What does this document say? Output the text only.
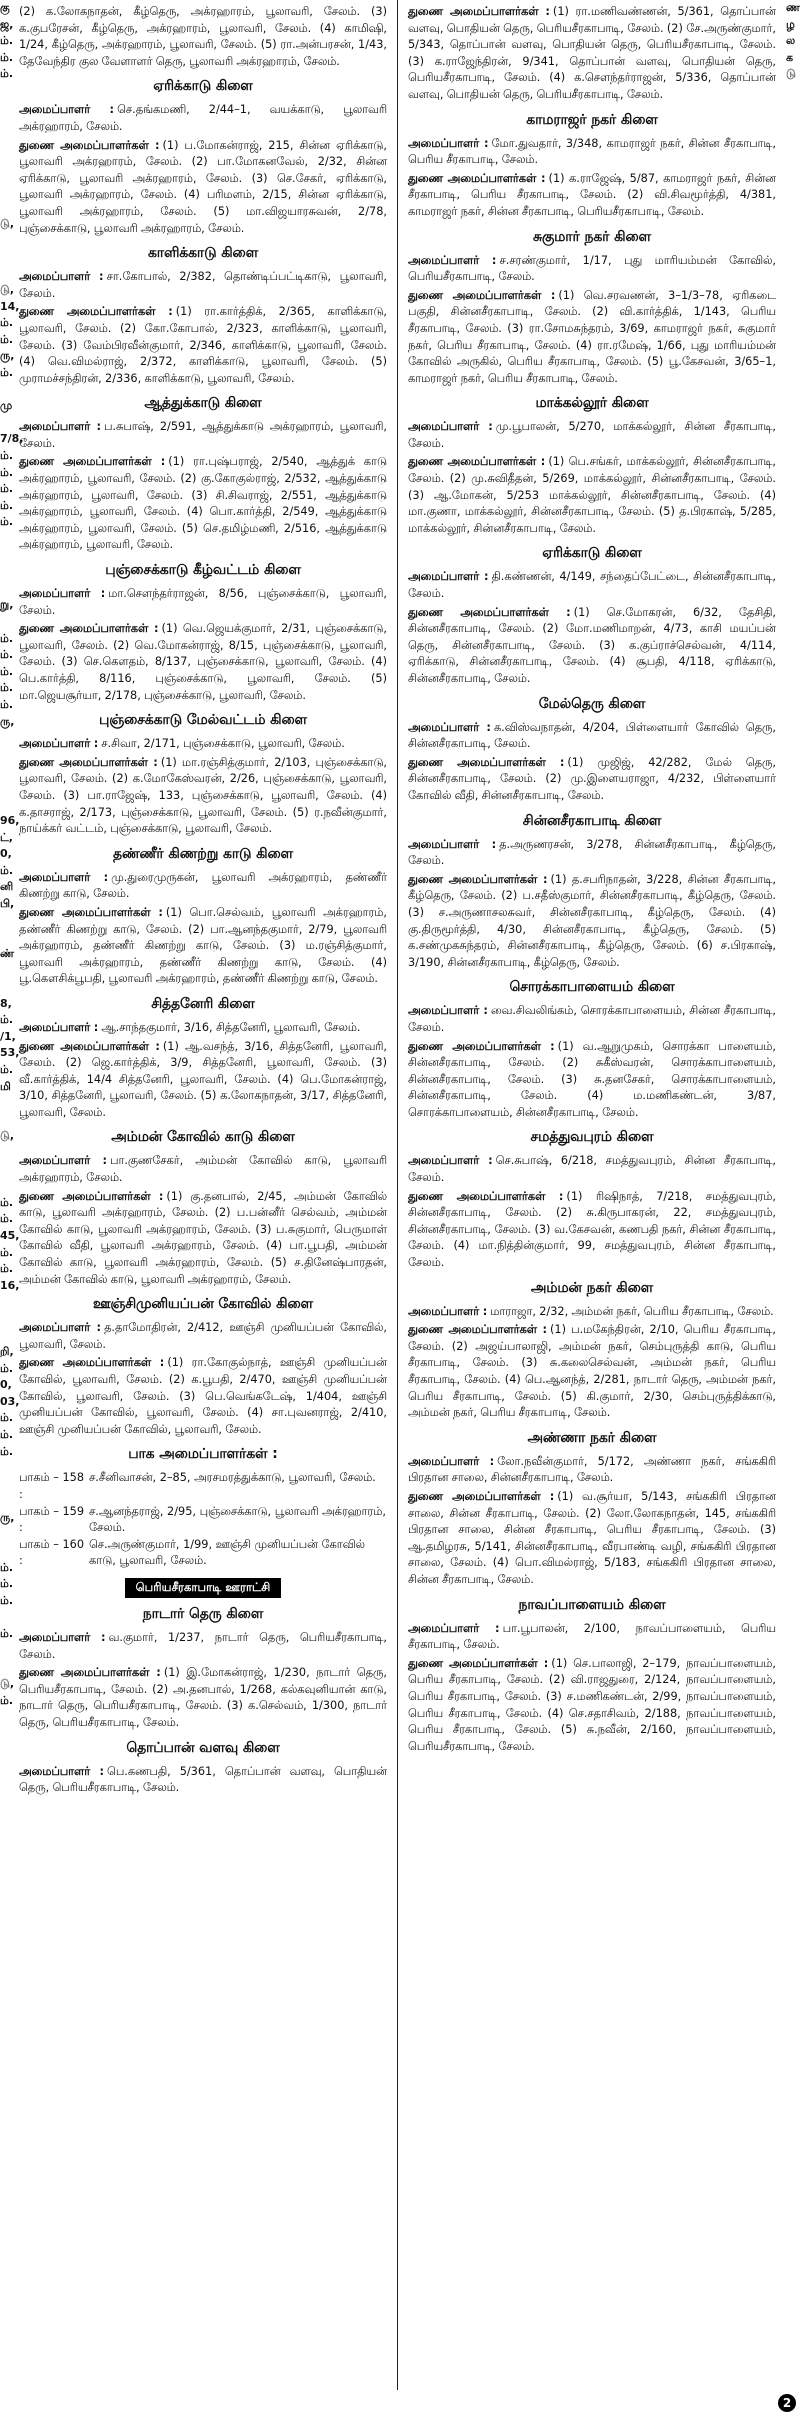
கு
ஜ,
ம்.
ம்.
ம்.
டு,
டு,
14,
ம்.
ம்.
ரு,
ம்.
மு
7/8,
ம்.
ம்.
ம்.
ம்.
ம்.
று,
ம்.
ம்.
ம்.
ம்.
ம்.
ரு,
96,
ட்,
0,
ம்.
னி
பி,
ண்
8,
ம்.
/1,
53,
ம்.
மி
டு,
ம்.
ம்.
45,
ம்.
ம்.
16,
றி,
ம்.
0,
03,
ம்.
ம்.
ம்.
ரு,
ம்.
ம்.
ம்.
ம்.
டு,
ம்.

(2) க.லோகநாதன், கீழ்தெரு, அக்ரஹாரம், பூலாவரி, சேலம். (3) க.குபரேசன், கீழ்தெரு, அக்ரஹாரம், பூலாவரி, சேலம். (4) காமிஷி, 1/24, கீழ்தெரு, அக்ரஹாரம், பூலாவரி, சேலம். (5) ரா.அன்பரசன், 1/43, தேவேந்திர குல வேளாளர் தெரு, பூலாவரி அக்ரஹாரம், சேலம்.

ஏரிக்காடு கிளை

அமைப்பாளர் : செ.தங்கமணி, 2/44–1, வயக்காடு, பூலாவரி அக்ரஹாரம், சேலம்.

துணை அமைப்பாளர்கள் : (1) ப.மோகன்ராஜ், 215, சின்ன ஏரிக்காடு, பூலாவரி அக்ரஹாரம், சேலம். (2) பா.மோகனவேல், 2/32, சின்ன ஏரிக்காடு, பூலாவரி அக்ரஹாரம், சேலம். (3) செ.சேகர், ஏரிக்காடு, பூலாவரி அக்ரஹாரம், சேலம். (4) பரிமளம், 2/15, சின்ன ஏரிக்காடு, பூலாவரி அக்ரஹாரம், சேலம். (5) மா.விஜயாரசுவன், 2/78, புஞ்சைக்காடு, பூலாவரி அக்ரஹாரம், சேலம்.

காளிக்காடு கிளை

அமைப்பாளர் : சா.கோபால், 2/382, தொண்டிப்பட்டிகாடு, பூலாவரி, சேலம்.

துணை அமைப்பாளர்கள் : (1) ரா.கார்த்திக், 2/365, காளிக்காடு, பூலாவரி, சேலம். (2) கோ.கோபால், 2/323, காளிக்காடு, பூலாவரி, சேலம். (3) வேம்பிரவீன்குமார், 2/346, காளிக்காடு, பூலாவரி, சேலம். (4) வெ.விமல்ராஜ், 2/372, காளிக்காடு, பூலாவரி, சேலம். (5) முராமச்சந்திரன், 2/336, காளிக்காடு, பூலாவரி, சேலம்.

ஆத்துக்காடு கிளை

அமைப்பாளர் : ப.சுபாஷ், 2/591, ஆத்துக்காடு அக்ரஹாரம், பூலாவரி, சேலம்.

துணை அமைப்பாளர்கள் : (1) ரா.புஷ்பராஜ், 2/540, ஆத்துக் காடு அக்ரஹாரம், பூலாவரி, சேலம். (2) கு.கோகுல்ராஜ், 2/532, ஆத்துக்காடு அக்ரஹாரம், பூலாவரி, சேலம். (3) சி.சிவராஜ், 2/551, ஆத்துக்காடு அக்ரஹாரம், பூலாவரி, சேலம். (4) பொ.கார்த்தி, 2/549, ஆத்துக்காடு அக்ரஹாரம், பூலாவரி, சேலம். (5) செ.தமிழ்மணி, 2/516, ஆத்துக்காடு அக்ரஹாரம், பூலாவரி, சேலம்.

புஞ்சைக்காடு கீழ்வட்டம் கிளை

அமைப்பாளர் : மா.சௌந்தர்ராஜன், 8/56, புஞ்சைக்காடு, பூலாவரி, சேலம்.

துணை அமைப்பாளர்கள் : (1) வெ.ஜெயக்குமார், 2/31, புஞ்சைக்காடு, பூலாவரி, சேலம். (2) வெ.மோகன்ராஜ், 8/15, புஞ்சைக்காடு, பூலாவரி, சேலம். (3) செ.கௌதம், 8/137, புஞ்சைக்காடு, பூலாவரி, சேலம். (4) பெ.கார்த்தி, 8/116, புஞ்சைக்காடு, பூலாவரி, சேலம். (5) மா.ஜெயசூர்யா, 2/178, புஞ்சைக்காடு, பூலாவரி, சேலம்.

புஞ்சைக்காடு மேல்வட்டம் கிளை

அமைப்பாளர் : ச.சிவா, 2/171, புஞ்சைக்காடு, பூலாவரி, சேலம்.

துணை அமைப்பாளர்கள் : (1) மா.ரஞ்சித்குமார், 2/103, புஞ்சைக்காடு, பூலாவரி, சேலம். (2) க.மோகேஸ்வரன், 2/26, புஞ்சைக்காடு, பூலாவரி, சேலம். (3) பா.ராஜேஷ், 133, புஞ்சைக்காடு, பூலாவரி, சேலம். (4) க.தாசராஜ், 2/173, புஞ்சைக்காடு, பூலாவரி, சேலம். (5) ர.நவீன்குமார், நாய்க்கர் வட்டம், புஞ்சைக்காடு, பூலாவரி, சேலம்.

தண்ணீர் கிணற்று காடு கிளை

அமைப்பாளர் : மு.துரைமுருகன், பூலாவரி அக்ரஹாரம், தண்ணீர் கிணற்று காடு, சேலம்.

துணை அமைப்பாளர்கள் : (1) பொ.செல்வம், பூலாவரி அக்ரஹாரம், தண்ணீர் கிணற்று காடு, சேலம். (2) பா.ஆனந்தகுமார், 2/79, பூலாவரி அக்ரஹாரம், தண்ணீர் கிணற்று காடு, சேலம். (3) ம.ரஞ்சித்குமார், பூலாவரி அக்ரஹாரம், தண்ணீர் கிணற்று காடு, சேலம். (4) பூ.கௌசிக்பூபதி, பூலாவரி அக்ரஹாரம், தண்ணீர் கிணற்று காடு, சேலம்.

சித்தனேரி கிளை

அமைப்பாளர் : ஆ.சாந்தகுமார், 3/16, சித்தனேரி, பூலாவரி, சேலம்.

துணை அமைப்பாளர்கள் : (1) ஆ.வசந்த், 3/16, சித்தனேரி, பூலாவரி, சேலம். (2) ஜெ.கார்த்திக், 3/9, சித்தனேரி, பூலாவரி, சேலம். (3) வீ.கார்த்திக், 14/4 சித்தனேரி, பூலாவரி, சேலம். (4) பெ.மோகன்ராஜ், 3/10, சித்தனேரி, பூலாவரி, சேலம். (5) க.லோகநாதன், 3/17, சித்தனேரி, பூலாவரி, சேலம்.

அம்மன் கோவில் காடு கிளை

அமைப்பாளர் : பா.குணசேகர், அம்மன் கோவில் காடு, பூலாவரி அக்ரஹாரம், சேலம்.

துணை அமைப்பாளர்கள் : (1) கு.தனபால், 2/45, அம்மன் கோவில் காடு, பூலாவரி அக்ரஹாரம், சேலம். (2) ப.பன்னீர் செல்வம், அம்மன் கோவில் காடு, பூலாவரி அக்ரஹாரம், சேலம். (3) ப.சுகுமார், பெருமாள் கோவில் வீதி, பூலாவரி அக்ரஹாரம், சேலம். (4) பா.பூபதி, அம்மன் கோவில் காடு, பூலாவரி அக்ரஹாரம், சேலம். (5) ச.தினேஷ்பாரதன், அம்மன் கோவில் காடு, பூலாவரி அக்ரஹாரம், சேலம்.

ஊஞ்சிமுனியப்பன் கோவில் கிளை

அமைப்பாளர் : த.தாமோதிரன், 2/412, ஊஞ்சி முனியப்பன் கோவில், பூலாவரி, சேலம்.

துணை அமைப்பாளர்கள் : (1) ரா.கோகுல்நாத், ஊஞ்சி முனியப்பன் கோவில், பூலாவரி, சேலம். (2) க.பூபதி, 2/470, ஊஞ்சி முனியப்பன் கோவில், பூலாவரி, சேலம். (3) பெ.வெங்கடேஷ், 1/404, ஊஞ்சி முனியப்பன் கோவில், பூலாவரி, சேலம். (4) சா.புவனராஜ், 2/410, ஊஞ்சி முனியப்பன் கோவில், பூலாவரி, சேலம்.

பாக அமைப்பாளர்கள் :
பாகம் – 158 :
ச.சீனிவாசன், 2–85, அரசமரத்துக்காடு, பூலாவரி, சேலம்.
பாகம் – 159 :
ச.ஆனந்தராஜ், 2/95, புஞ்சைக்காடு, பூலாவரி அக்ரஹாரம், சேலம்.
பாகம் – 160 :
செ.அருண்குமார், 1/99, ஊஞ்சி முனியப்பன் கோவில் காடு, பூலாவரி, சேலம்.
பெரியசீரகாபாடி ஊராட்சி
நாடார் தெரு கிளை

அமைப்பாளர் : வ.குமார், 1/237, நாடார் தெரு, பெரியசீரகாபாடி, சேலம்.

துணை அமைப்பாளர்கள் : (1) இ.மோகன்ராஜ், 1/230, நாடார் தெரு, பெரியசீரகாபாடி, சேலம். (2) அ.தனபால், 1/268, கல்கவுனியான் காடு, நாடார் தெரு, பெரியசீரகாபாடி, சேலம். (3) க.செல்வம், 1/300, நாடார் தெரு, பெரியசீரகாபாடி, சேலம்.

தொப்பான் வளவு கிளை

அமைப்பாளர் : பெ.கணபதி, 5/361, தொப்பான் வளவு, பொதியன் தெரு, பெரியசீரகாபாடி, சேலம்.

துணை அமைப்பாளர்கள் : (1) ரா.மணிவண்ணன், 5/361, தொப்பான் வளவு, பொதியன் தெரு, பெரியசீரகாபாடி, சேலம். (2) சே.அருண்குமார், 5/343, தொப்பான் வளவு, பொதியன் தெரு, பெரியசீரகாபாடி, சேலம். (3) க.ராஜேந்திரன், 9/341, தொப்பான் வளவு, பொதியன் தெரு, பெரியசீரகாபாடி, சேலம். (4) க.சௌந்தர்ராஜன், 5/336, தொப்பான் வளவு, பொதியன் தெரு, பெரியசீரகாபாடி, சேலம்.

காமராஜர் நகர் கிளை

அமைப்பாளர் : மோ.துவதார், 3/348, காமராஜர் நகர், சின்ன சீரகாபாடி, பெரிய சீரகாபாடி, சேலம்.

துணை அமைப்பாளர்கள் : (1) க.ராஜேஷ், 5/87, காமராஜர் நகர், சின்ன சீரகாபாடி, பெரிய சீரகாபாடி, சேலம். (2) வி.சிவமூர்த்தி, 4/381, காமராஜர் நகர், சின்ன சீரகாபாடி, பெரியசீரகாபாடி, சேலம்.

சுகுமார் நகர் கிளை

அமைப்பாளர் : ச.சரண்குமார், 1/17, புது மாரியம்மன் கோவில், பெரியசீரகாபாடி, சேலம்.

துணை அமைப்பாளர்கள் : (1) வெ.சரவணன், 3–1/3–78, ஏரிகடை பகுதி, சின்னசீரகாபாடி, சேலம். (2) வி.கார்த்திக், 1/143, பெரிய சீரகாபாடி, சேலம். (3) ரா.சோமசுந்தரம், 3/69, காமராஜர் நகர், சுகுமார் நகர், பெரிய சீரகாபாடி, சேலம். (4) ரா.ரமேஷ், 1/66, புது மாரியம்மன் கோவில் அருகில், பெரிய சீரகாபாடி, சேலம். (5) பூ.கேசவன், 3/65–1, காமராஜர் நகர், பெரிய சீரகாபாடி, சேலம்.

மாக்கல்லூர் கிளை

அமைப்பாளர் : மு.பூபாலன், 5/270, மாக்கல்லூர், சின்ன சீரகாபாடி, சேலம்.

துணை அமைப்பாளர்கள் : (1) பெ.சங்கர், மாக்கல்லூர், சின்னசீரகாபாடி, சேலம். (2) மு.சுவிதீதன், 5/269, மாக்கல்லூர், சின்னசீரகாபாடி, சேலம். (3) ஆ.மோகன், 5/253 மாக்கல்லூர், சின்னசீரகாபாடி, சேலம். (4) மா.குணா, மாக்கல்லூர், சின்னசீரகாபாடி, சேலம். (5) த.பிரகாஷ், 5/285, மாக்கல்லூர், சின்னசீரகாபாடி, சேலம்.

ஏரிக்காடு கிளை

அமைப்பாளர் : தி.கண்ணன், 4/149, சந்தைப்பேட்டை, சின்னசீரகாபாடி, சேலம்.

துணை அமைப்பாளர்கள் : (1) செ.மோகரன், 6/32, தேசிதி, சின்னசீரகாபாடி, சேலம். (2) மோ.மணிமாறன், 4/73, காசி மயப்பன் தெரு, சின்னசீரகாபாடி, சேலம். (3) க.குப்ராச்செல்வன், 4/114, ஏரிக்காடு, சின்னசீரகாபாடி, சேலம். (4) சூபதி, 4/118, ஏரிக்காடு, சின்னசீரகாபாடி, சேலம்.

மேல்தெரு கிளை

அமைப்பாளர் : க.விஸ்வநாதன், 4/204, பிள்ளையார் கோவில் தெரு, சின்னசீரகாபாடி, சேலம்.

துணை அமைப்பாளர்கள் : (1) முஜிஜ், 42/282, மேல் தெரு, சின்னசீரகாபாடி, சேலம். (2) மு.இளையராஜா, 4/232, பிள்ளையார் கோவில் வீதி, சின்னசீரகாபாடி, சேலம்.

சின்னசீரகாபாடி கிளை

அமைப்பாளர் : த.அருணரசன், 3/278, சின்னசீரகாபாடி, கீழ்தெரு, சேலம்.

துணை அமைப்பாளர்கள் : (1) த.சபரிநாதன், 3/228, சின்ன சீரகாபாடி, கீழ்தெரு, சேலம். (2) ப.சதீஸ்குமார், சின்னசீரகாபாடி, கீழ்தெரு, சேலம். (3) ச.அருணாசலசுவர், சின்னசீரகாபாடி, கீழ்தெரு, சேலம். (4) கு.திருமூர்த்தி, 4/30, சின்னசீரகாபாடி, கீழ்தெரு, சேலம். (5) க.சண்முகசுந்தரம், சின்னசீரகாபாடி, கீழ்தெரு, சேலம். (6) ச.பிரகாஷ், 3/190, சின்னசீரகாபாடி, கீழ்தெரு, சேலம்.

சொரக்காபாளையம் கிளை

அமைப்பாளர் : வை.சிவலிங்கம், சொரக்காபாளையம், சின்ன சீரகாபாடி, சேலம்.

துணை அமைப்பாளர்கள் : (1) வ.ஆறுமுகம், சொரக்கா பாளையம், சின்னசீரகாபாடி, சேலம். (2) சுகீஸ்வரன், சொரக்காபாளையம், சின்னசீரகாபாடி, சேலம். (3) சு.தனசேகர், சொரக்காபாளையம், சின்னசீரகாபாடி, சேலம். (4) ம.மணிகண்டன், 3/87, சொரக்காபாளையம், சின்னசீரகாபாடி, சேலம்.

சமத்துவபுரம் கிளை

அமைப்பாளர் : செ.சுபாஷ், 6/218, சமத்துவபுரம், சின்ன சீரகாபாடி, சேலம்.

துணை அமைப்பாளர்கள் : (1) ரிஷிநாத், 7/218, சமத்துவபுரம், சின்னசீரகாபாடி, சேலம். (2) சு.கிருபாகரன், 22, சமத்துவபுரம், சின்னசீரகாபாடி, சேலம். (3) வ.கேசவன், கணபதி நகர், சின்ன சீரகாபாடி, சேலம். (4) மா.நித்தின்குமார், 99, சமத்துவபுரம், சின்ன சீரகாபாடி, சேலம்.

அம்மன் நகர் கிளை

அமைப்பாளர் : மாராஜா, 2/32, அம்மன் நகர், பெரிய சீரகாபாடி, சேலம்.

துணை அமைப்பாளர்கள் : (1) ப.மகேந்திரன், 2/10, பெரிய சீரகாபாடி, சேலம். (2) அஜய்பாலாஜி, அம்மன் நகர், செம்புருத்தி காடு, பெரிய சீரகாபாடி, சேலம். (3) சு.கலைசெல்வன், அம்மன் நகர், பெரிய சீரகாபாடி, சேலம். (4) பெ.ஆனந்த், 2/281, நாடார் தெரு, அம்மன் நகர், பெரிய சீரகாபாடி, சேலம். (5) கி.குமார், 2/30, செம்புருத்திக்காடு, அம்மன் நகர், பெரிய சீரகாபாடி, சேலம்.

அண்ணா நகர் கிளை

அமைப்பாளர் : லோ.நவீன்குமார், 5/172, அண்ணா நகர், சங்ககிரி பிரதான சாலை, சின்னசீரகாபாடி, சேலம்.

துணை அமைப்பாளர்கள் : (1) வ.சூர்யா, 5/143, சங்ககிரி பிரதான சாலை, சின்ன சீரகாபாடி, சேலம். (2) லோ.லோகநாதன், 145, சங்ககிரி பிரதான சாலை, சின்ன சீரகாபாடி, பெரிய சீரகாபாடி, சேலம். (3) ஆ.தமிழரசு, 5/141, சின்னசீரகாபாடி, வீரபாண்டி வழி, சங்ககிரி பிரதான சாலை, சேலம். (4) பொ.விமல்ராஜ், 5/183, சங்ககிரி பிரதான சாலை, சின்ன சீரகாபாடி, சேலம்.

நாவப்பாளையம் கிளை

அமைப்பாளர் : பா.பூபாலன், 2/100, நாவப்பாளையம், பெரிய சீரகாபாடி, சேலம்.

துணை அமைப்பாளர்கள் : (1) செ.பாலாஜி, 2–179, நாவப்பாளையம், பெரிய சீரகாபாடி, சேலம். (2) வி.ராஜதுரை, 2/124, நாவப்பாளையம், பெரிய சீரகாபாடி, சேலம். (3) ச.மணிகண்டன், 2/99, நாவப்பாளையம், பெரிய சீரகாபாடி, சேலம். (4) செ.சதாசிவம், 2/188, நாவப்பாளையம், பெரிய சீரகாபாடி, சேலம். (5) சு.நவீன், 2/160, நாவப்பாளையம், பெரியசீரகாபாடி, சேலம்.

ண
ழ
ல
க
டு
2
